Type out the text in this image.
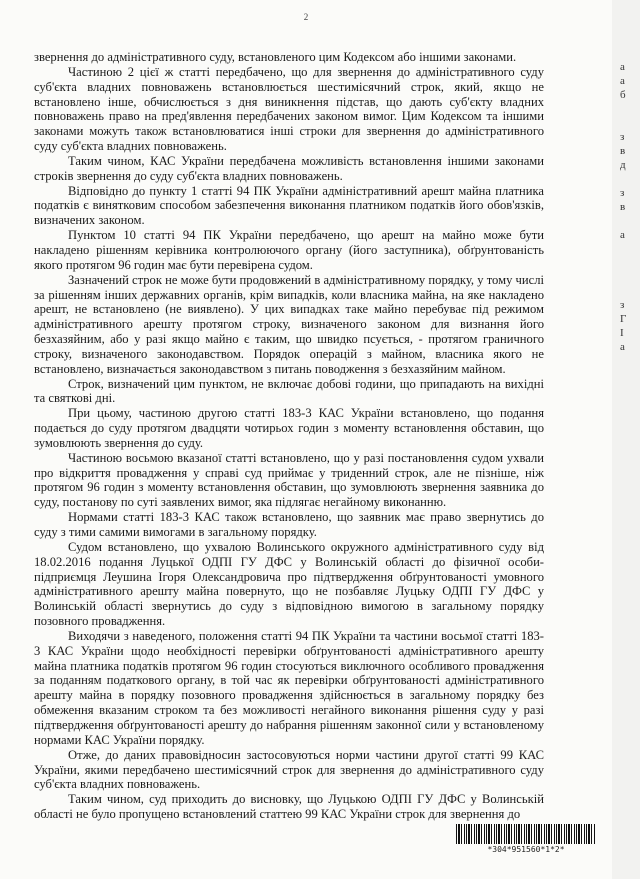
2

звернення до адміністративного суду, встановленого цим Кодексом або іншими законами.

Частиною 2 цієї ж статті передбачено, що для звернення до адміністративного суду суб'єкта владних повноважень встановлюється шестимісячний строк, який, якщо не встановлено інше, обчислюється з дня виникнення підстав, що дають суб'єкту владних повноважень право на пред'явлення передбачених законом вимог. Цим Кодексом та іншими законами можуть також встановлюватися інші строки для звернення до адміністративного суду суб'єкта владних повноважень.

Таким чином, КАС України передбачена можливість встановлення іншими законами строків звернення до суду суб'єкта владних повноважень.

Відповідно до пункту 1 статті 94 ПК України адміністративний арешт майна платника податків є винятковим способом забезпечення виконання платником податків його обов'язків, визначених законом.

Пунктом 10 статті 94 ПК України передбачено, що арешт на майно може бути накладено рішенням керівника контролюючого органу (його заступника), обґрунтованість якого протягом 96 годин має бути перевірена судом.

Зазначений строк не може бути продовжений в адміністративному порядку, у тому числі за рішенням інших державних органів, крім випадків, коли власника майна, на яке накладено арешт, не встановлено (не виявлено). У цих випадках таке майно перебуває під режимом адміністративного арешту протягом строку, визначеного законом для визнання його безхазяйним, або у разі якщо майно є таким, що швидко псується, - протягом граничного строку, визначеного законодавством. Порядок операцій з майном, власника якого не встановлено, визначається законодавством з питань поводження з безхазяйним майном.

Строк, визначений цим пунктом, не включає добові години, що припадають на вихідні та святкові дні.

При цьому, частиною другою статті 183-3 КАС України встановлено, що подання подається до суду протягом двадцяти чотирьох годин з моменту встановлення обставин, що зумовлюють звернення до суду.

Частиною восьмою вказаної статті встановлено, що у разі постановлення судом ухвали про відкриття провадження у справі суд приймає у триденний строк, але не пізніше, ніж протягом 96 годин з моменту встановлення обставин, що зумовлюють звернення заявника до суду, постанову по суті заявлених вимог, яка підлягає негайному виконанню.

Нормами статті 183-3 КАС також встановлено, що заявник має право звернутись до суду з тими самими вимогами в загальному порядку.

Судом встановлено, що ухвалою Волинського окружного адміністративного суду від 18.02.2016 подання Луцької ОДПІ ГУ ДФС у Волинській області до фізичної особи-підприємця Леушина Ігоря Олександровича про підтвердження обґрунтованості умовного адміністративного арешту майна повернуто, що не позбавляє Луцьку ОДПІ ГУ ДФС у Волинській області звернутись до суду з відповідною вимогою в загальному порядку позовного провадження.

Виходячи з наведеного, положення статті 94 ПК України та частини восьмої статті 183-3 КАС України щодо необхідності перевірки обґрунтованості адміністративного арешту майна платника податків протягом 96 годин стосуються виключного особливого провадження за поданням податкового органу, в той час як перевірки обґрунтованості адміністративного арешту майна в порядку позовного провадження здійснюється в загальному порядку без обмеження вказаним строком та без можливості негайного виконання рішення суду у разі підтвердження обґрунтованості арешту до набрання рішенням законної сили у встановленому нормами КАС України порядку.

Отже, до даних правовідносин застосовуються норми частини другої статті 99 КАС України, якими передбачено шестимісячний строк для звернення до адміністративного суду суб'єкта владних повноважень.

Таким чином, суд приходить до висновку, що Луцькою ОДПІ ГУ ДФС у Волинській області не було пропущено встановлений статтею 99 КАС України строк для звернення до

*304*951560*1*2*
а
а
б
з
в
д
з
в
а
з
Г
І
а
